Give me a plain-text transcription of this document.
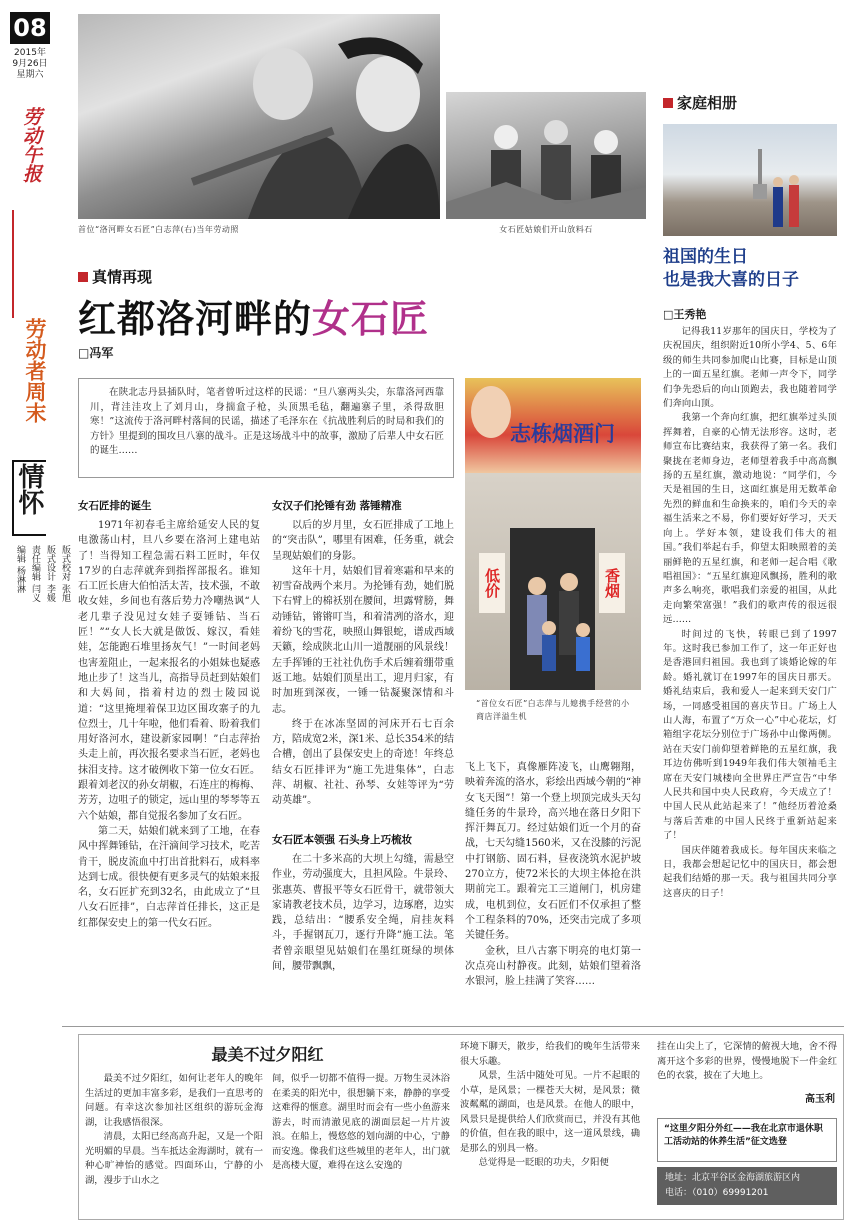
08
2015年
9月26日
星期六
劳动午报
劳动者周末
情怀
版式校对 张旭
版式设计 李媛
责任编辑 闫义
编辑 杨淋淋
首位“洛河畔女石匠”白志萍(右)当年劳动照	女石匠姑娘们开山放料石
真情再现
红都洛河畔的女石匠
□冯军
在陕北志丹县插队时，笔者曾听过这样的民谣：“旦八寨两头尖，东靠洛河西靠川，背洼洼攻上了刘月山，身揣盒子枪，头顶黑毛毡，翻遍寨子里，杀得敌胆寒！”这流传于洛河畔村落间的民谣，描述了毛泽东在《抗战胜利后的时局和我们的方针》里提到的围攻旦八寨的战斗。正是这场战斗中的故事，激励了后辈人中女石匠的诞生……
志栋烟酒门
低价	香烟
“首位女石匠”白志萍与儿媳携手经营的小商店洋溢生机
女石匠排的诞生

1971年初春毛主席给延安人民的复电激荡山村，旦八乡要在洛河上建电站了！当得知工程急需石料工匠时，年仅17岁的白志萍就奔到指挥部报名。谁知石工匠长唐大伯怕活太苦，技术强，不敢收女娃，乡间也有落后势力冷嘲热讽“人老几辈子没见过女娃子耍锤钻、当石匠！”“女人长大就是做饭、嫁汉，看娃娃，怎能跑石堆里扬灰气！”一时间老妈也害羞阻止，一起来报名的小姐妹也疑惑地止步了！这当儿，高指导员赶到姑娘们和大妈间，指着村边的烈士陵园说道：“这里掩埋着保卫边区围攻寨子的九位烈士，几十年啦，他们看着、盼着我们用好洛河水，建设新家园啊！”白志萍抬头走上前，再次报名要求当石匠，老妈也抹泪支持。这才破例收下第一位女石匠。跟着刘老汉的孙女胡椒，石连庄的梅梅、芳芳，边咀子的锁定，远山里的琴琴等五六个姑娘，都自觉报名参加了女石匠。

第二天，姑娘们就来到了工地，在春风中挥舞锤钻，在汗滴间学习技术，吃苦肯干，脱皮流血中打出首批料石，成料率达到七成。很快便有更多灵气的姑娘来报名，女石匠扩充到32名，由此成立了“旦八女石匠排”，白志萍首任排长，这正是红都保安史上的第一代女石匠。

女汉子们抡锤有劲 落锤精准

以后的岁月里，女石匠排成了工地上的“突击队”，哪里有困难，任务重，就会呈现姑娘们的身影。

这年十月，姑娘们冒着寒霜和早来的初雪奋战两个来月。为抡锤有劲，她们脱下右臂上的棉袄别在腰间，坦露臂膀，舞动锤钻，锵锵叮当，和着清冽的洛水，迎着纷飞的雪花，映照山舞银蛇，谱成西域天籁，绘成陕北山川一道靓丽的风景线！左手挥锤的王社社仇伤手术后缠着绷带重返工地。姑娘们顶星出工，迎月归家，有时加班到深夜，一锤一钻凝聚深情和斗志。

终于在冰冻坚固的河床开石七百余方，陪成宽2米，深1米、总长354米的结合槽，创出了县保安史上的奇迹！年终总结女石匠排评为“施工先进集体”，白志萍、胡椒、社社、孙琴、女娃等评为“劳动英雄”。

女石匠本领强 石头身上巧梳妆

在二十多米高的大坝上勾缝，需悬空作业，劳动强度大，且担风险。牛景玲、张惠英、曹报平等女石匠骨干，就带领大家请教老技术员，边学习，边琢磨，边实践，总结出：“腰系安全绳，肩挂灰料斗，手握钢瓦刀，逐行升降”施工法。笔者曾亲眼望见姑娘们在墨红斑绿的坝体间，腰带飘飘，

飞上飞下，真像雁阵凌飞，山鹰翱翔，映着奔流的洛水，彩绘出西域今朝的“神女飞天图”！第一个登上坝顶完成头天勾缝任务的牛景玲，高兴地在落日夕阳下挥汗舞瓦刀。经过姑娘们近一个月的奋战，七天勾缝1560米，又在没膝的污泥中打钢筋、固石料，昼夜浇筑水泥护坡270立方，使72米长的大坝主体抢在洪期前完工。跟着完工三道闸门，机房建成，电机到位，女石匠们不仅承担了整个工程条料的70%，还突击完成了多项关键任务。

金秋，旦八古寨下明亮的电灯第一次点亮山村静夜。此刻，姑娘们望着洛水银河，脸上挂满了笑容……

家庭相册
祖国的生日
也是我大喜的日子
□王秀艳

记得我11岁那年的国庆日，学校为了庆祝国庆，组织附近10所小学4、5、6年级的师生共同参加爬山比赛，目标是山顶上的一面五星红旗。老师一声令下，同学们争先恐后的向山顶跑去，我也随着同学们奔向山顶。

我第一个奔向红旗，把红旗举过头顶挥舞着，自豪的心情无法形容。这时，老师宣布比赛结束，我获得了第一名。我们聚拢在老师身边，老师望着我手中高高飘扬的五星红旗，激动地说：“同学们，今天是祖国的生日，这面红旗是用无数革命先烈的鲜血和生命换来的，咱们今天的幸福生活来之不易，你们要好好学习，天天向上。学好本领，建设我们伟大的祖国。”我们举起右手，仰望太阳映照着的美丽鲜艳的五星红旗，和老师一起合唱《歌唱祖国》：“五星红旗迎风飘扬，胜利的歌声多么响亮，歌唱我们亲爱的祖国，从此走向繁荣富强！”我们的歌声传的很远很远……

时间过的飞快，转眼已到了1997年。这时我已参加工作了，这一年正好也是香港回归祖国。我也到了谈婚论嫁的年龄。婚礼就订在1997年的国庆日那天。婚礼结束后，我和爱人一起来到天安门广场，一同感受祖国的喜庆节日。广场上人山人海，布置了“万众一心”中心花坛，灯箱组字花坛分别位于广场孙中山像两侧。站在天安门前仰望着鲜艳的五星红旗，我耳边仿佛听到1949年我们伟大领袖毛主席在天安门城楼向全世界庄严宣告“中华人民共和国中央人民政府，今天成立了！中国人民从此站起来了！”他经历着沧桑与落后苦难的中国人民终于重新站起来了！

国庆伴随着我成长。每年国庆来临之日，我都会想起记忆中的国庆日，都会想起我们结婚的那一天。我与祖国共同分享这喜庆的日子！

最美不过夕阳红

最美不过夕阳红，如何让老年人的晚年生活过的更加丰富多彩，是我们一直思考的问题。有幸这次参加社区组织的游玩金海湖，让我感悟很深。

清晨，太阳已经高高升起，又是一个阳光明媚的早晨。当车抵达金海湖时，就有一种心旷神怡的感觉。四面环山，宁静的小湖，漫步于山水之

间，似乎一切都不值得一提。万物生灵沐浴在柔美的阳光中，很想躺下来，静静的享受这难得的惬意。湖里时而会有一些小鱼游来游去，时而清澈见底的湖面层起一片片波浪。在船上，慢悠悠的划向湖的中心，宁静而安逸。像我们这些城里的老年人，出门就是高楼大厦，难得在这么安逸的

环境下聊天，散步，给我们的晚年生活带来很大乐趣。

风景，生活中随处可见。一片不起眼的小草，是风景；一棵苍天大树，是风景；微波粼粼的湖面，也是风景。在他人的眼中，风景只是提供给人们欣赏而已，并没有其他的价值，但在我的眼中，这一道风景线，确是那么的别具一格。

总觉得是一眨眼的功夫，夕阳便

挂在山尖上了，它深情的俯视大地，舍不得离开这个多彩的世界，慢慢地脱下一件金红色的衣裳，披在了大地上。

高玉利
“这里夕阳分外红——我在北京市退休职工活动站的休养生活”征文选登
地址：北京平谷区金海湖旅游区内
电话：（010）69991201
